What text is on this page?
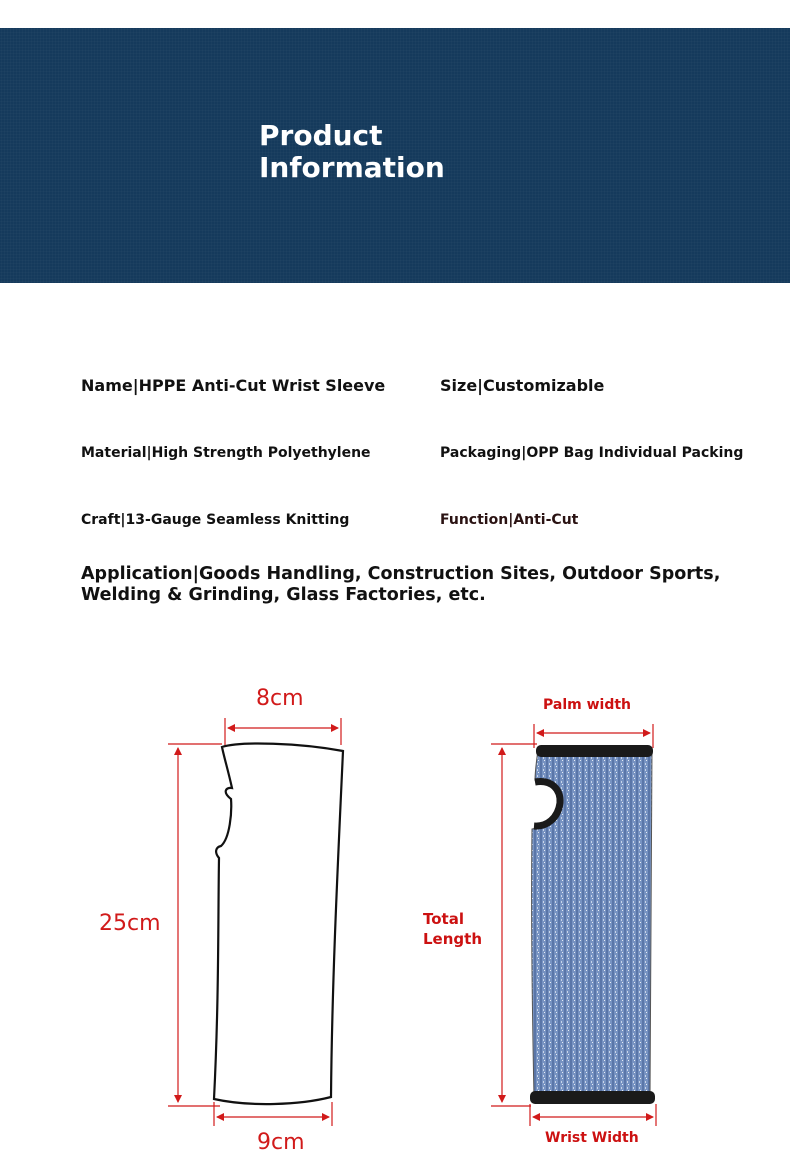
Product
Information
Name|HPPE Anti-Cut Wrist Sleeve	Size|Customizable
Material|High Strength Polyethylene	Packaging|OPP Bag Individual Packing
Craft|13-Gauge Seamless Knitting	Function|Anti-Cut
Application|Goods Handling, Construction Sites, Outdoor Sports, Welding & Grinding, Glass Factories, etc.
8cm
25cm
9cm
Palm width
Total
Length
Wrist Width
